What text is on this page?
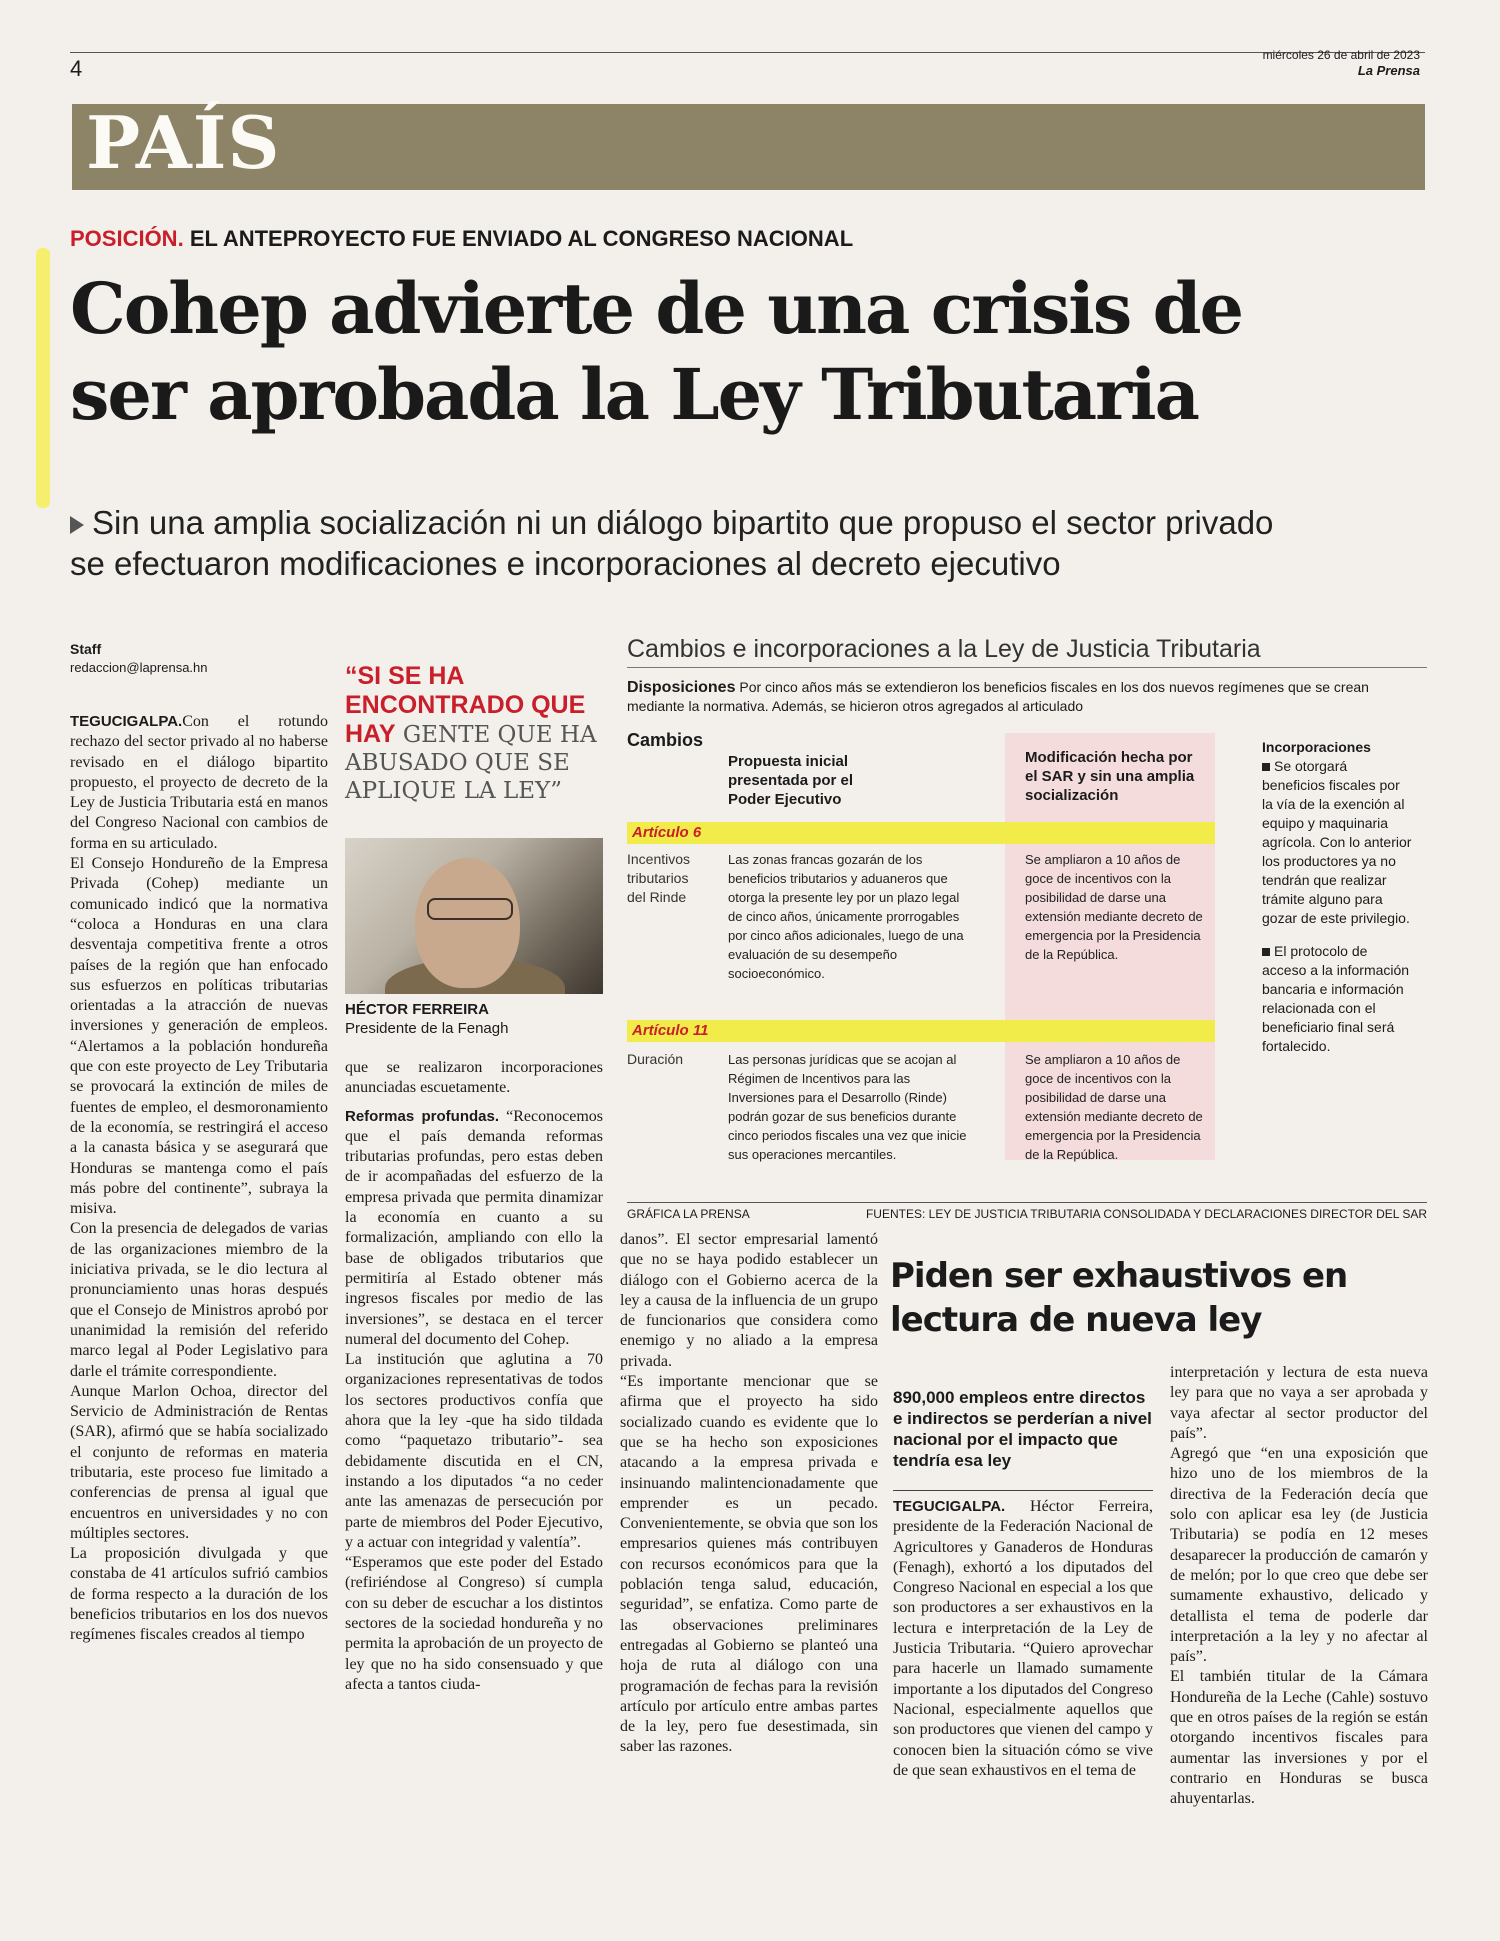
4
miércoles 26 de abril de 2023
La Prensa
PAÍS
POSICIÓN. EL ANTEPROYECTO FUE ENVIADO AL CONGRESO NACIONAL
Cohep advierte de una crisis de
ser aprobada la Ley Tributaria
Sin una amplia socialización ni un diálogo bipartito que propuso el sector privado
se efectuaron modificaciones e incorporaciones al decreto ejecutivo
Staff
redaccion@laprensa.hn

TEGUCIGALPA.Con el rotundo rechazo del sector privado al no haberse revisado en el diálogo bipartito propuesto, el proyecto de decreto de la Ley de Justicia Tributaria está en manos del Congreso Nacional con cambios de forma en su articulado.

El Consejo Hondureño de la Empresa Privada (Cohep) mediante un comunicado indicó que la normativa “coloca a Honduras en una clara desventaja competitiva frente a otros países de la región que han enfocado sus esfuerzos en políticas tributarias orientadas a la atracción de nuevas inversiones y generación de empleos. “Alertamos a la población hondureña que con este proyecto de Ley Tributaria se provocará la extinción de miles de fuentes de empleo, el desmoronamiento de la economía, se restringirá el acceso a la canasta básica y se asegurará que Honduras se mantenga como el país más pobre del continente”, subraya la misiva.

Con la presencia de delegados de varias de las organizaciones miembro de la iniciativa privada, se le dio lectura al pronunciamiento unas horas después que el Consejo de Ministros aprobó por unanimidad la remisión del referido marco legal al Poder Legislativo para darle el trámite correspondiente.

Aunque Marlon Ochoa, director del Servicio de Administración de Rentas (SAR), afirmó que se había socializado el conjunto de reformas en materia tributaria, este proceso fue limitado a conferencias de prensa al igual que encuentros en universidades y no con múltiples sectores.

La proposición divulgada y que constaba de 41 artículos sufrió cambios de forma respecto a la duración de los beneficios tributarios en los dos nuevos regímenes fiscales creados al tiempo

“SI SE HA ENCONTRADO QUE HAY GENTE QUE HA ABUSADO QUE SE APLIQUE LA LEY”
HÉCTOR FERREIRA
Presidente de la Fenagh

que se realizaron incorporaciones anunciadas escuetamente.

Reformas profundas. “Reconocemos que el país demanda reformas tributarias profundas, pero estas deben de ir acompañadas del esfuerzo de la empresa privada que permita dinamizar la economía en cuanto a su formalización, ampliando con ello la base de obligados tributarios que permitiría al Estado obtener más ingresos fiscales por medio de las inversiones”, se destaca en el tercer numeral del documento del Cohep.

La institución que aglutina a 70 organizaciones representativas de todos los sectores productivos confía que ahora que la ley -que ha sido tildada como “paquetazo tributario”- sea debidamente discutida en el CN, instando a los diputados “a no ceder ante las amenazas de persecución por parte de miembros del Poder Ejecutivo, y a actuar con integridad y valentía”.

“Esperamos que este poder del Estado (refiriéndose al Congreso) sí cumpla con su deber de escuchar a los distintos sectores de la sociedad hondureña y no permita la aprobación de un proyecto de ley que no ha sido consensuado y que afecta a tantos ciuda-

danos”. El sector empresarial lamentó que no se haya podido establecer un diálogo con el Gobierno acerca de la ley a causa de la influencia de un grupo de funcionarios que considera como enemigo y no aliado a la empresa privada.

“Es importante mencionar que se afirma que el proyecto ha sido socializado cuando es evidente que lo que se ha hecho son exposiciones atacando a la empresa privada e insinuando malintencionadamente que emprender es un pecado. Convenientemente, se obvia que son los empresarios quienes más contribuyen con recursos económicos para que la población tenga salud, educación, seguridad”, se enfatiza. Como parte de las observaciones preliminares entregadas al Gobierno se planteó una hoja de ruta al diálogo con una programación de fechas para la revisión artículo por artículo entre ambas partes de la ley, pero fue desestimada, sin saber las razones.

Cambios e incorporaciones a la Ley de Justicia Tributaria
Disposiciones Por cinco años más se extendieron los beneficios fiscales en los dos nuevos regímenes que se crean mediante la normativa. Además, se hicieron otros agregados al articulado
Cambios
Propuesta inicial presentada por el Poder Ejecutivo
Modificación hecha por el SAR y sin una amplia socialización
Artículo 6
Incentivos tributarios del Rinde
Las zonas francas gozarán de los beneficios tributarios y aduaneros que otorga la presente ley por un plazo legal de cinco años, únicamente prorrogables por cinco años adicionales, luego de una evaluación de su desempeño socioeconómico.
Se ampliaron a 10 años de goce de incentivos con la posibilidad de darse una extensión mediante decreto de emergencia por la Presidencia de la República.
Artículo 11
Duración	Las personas jurídicas que se acojan al Régimen de Incentivos para las Inversiones para el Desarrollo (Rinde) podrán gozar de sus beneficios durante cinco periodos fiscales una vez que inicie sus operaciones mercantiles.
Se ampliaron a 10 años de goce de incentivos con la posibilidad de darse una extensión mediante decreto de emergencia por la Presidencia de la República.
Incorporaciones
Se otorgará beneficios fiscales por la vía de la exención al equipo y maquinaria agrícola. Con lo anterior los productores ya no tendrán que realizar trámite alguno para gozar de este privilegio.
El protocolo de acceso a la información bancaria e información relacionada con el beneficiario final será fortalecido.
GRÁFICA LA PRENSA	FUENTES: LEY DE JUSTICIA TRIBUTARIA CONSOLIDADA Y DECLARACIONES DIRECTOR DEL SAR
Piden ser exhaustivos en lectura de nueva ley
890,000 empleos entre directos e indirectos se perderían a nivel nacional por el impacto que tendría esa ley

TEGUCIGALPA. Héctor Ferreira, presidente de la Federación Nacional de Agricultores y Ganaderos de Honduras (Fenagh), exhortó a los diputados del Congreso Nacional en especial a los que son productores a ser exhaustivos en la lectura e interpretación de la Ley de Justicia Tributaria. “Quiero aprovechar para hacerle un llamado sumamente importante a los diputados del Congreso Nacional, especialmente aquellos que son productores que vienen del campo y conocen bien la situación cómo se vive de que sean exhaustivos en el tema de

interpretación y lectura de esta nueva ley para que no vaya a ser aprobada y vaya afectar al sector productor del país”.

Agregó que “en una exposición que hizo uno de los miembros de la directiva de la Federación decía que solo con aplicar esa ley (de Justicia Tributaria) se podía en 12 meses desaparecer la producción de camarón y de melón; por lo que creo que debe ser sumamente exhaustivo, delicado y detallista el tema de poderle dar interpretación a la ley y no afectar al país”.

El también titular de la Cámara Hondureña de la Leche (Cahle) sostuvo que en otros países de la región se están otorgando incentivos fiscales para aumentar las inversiones y por el contrario en Honduras se busca ahuyentarlas.
